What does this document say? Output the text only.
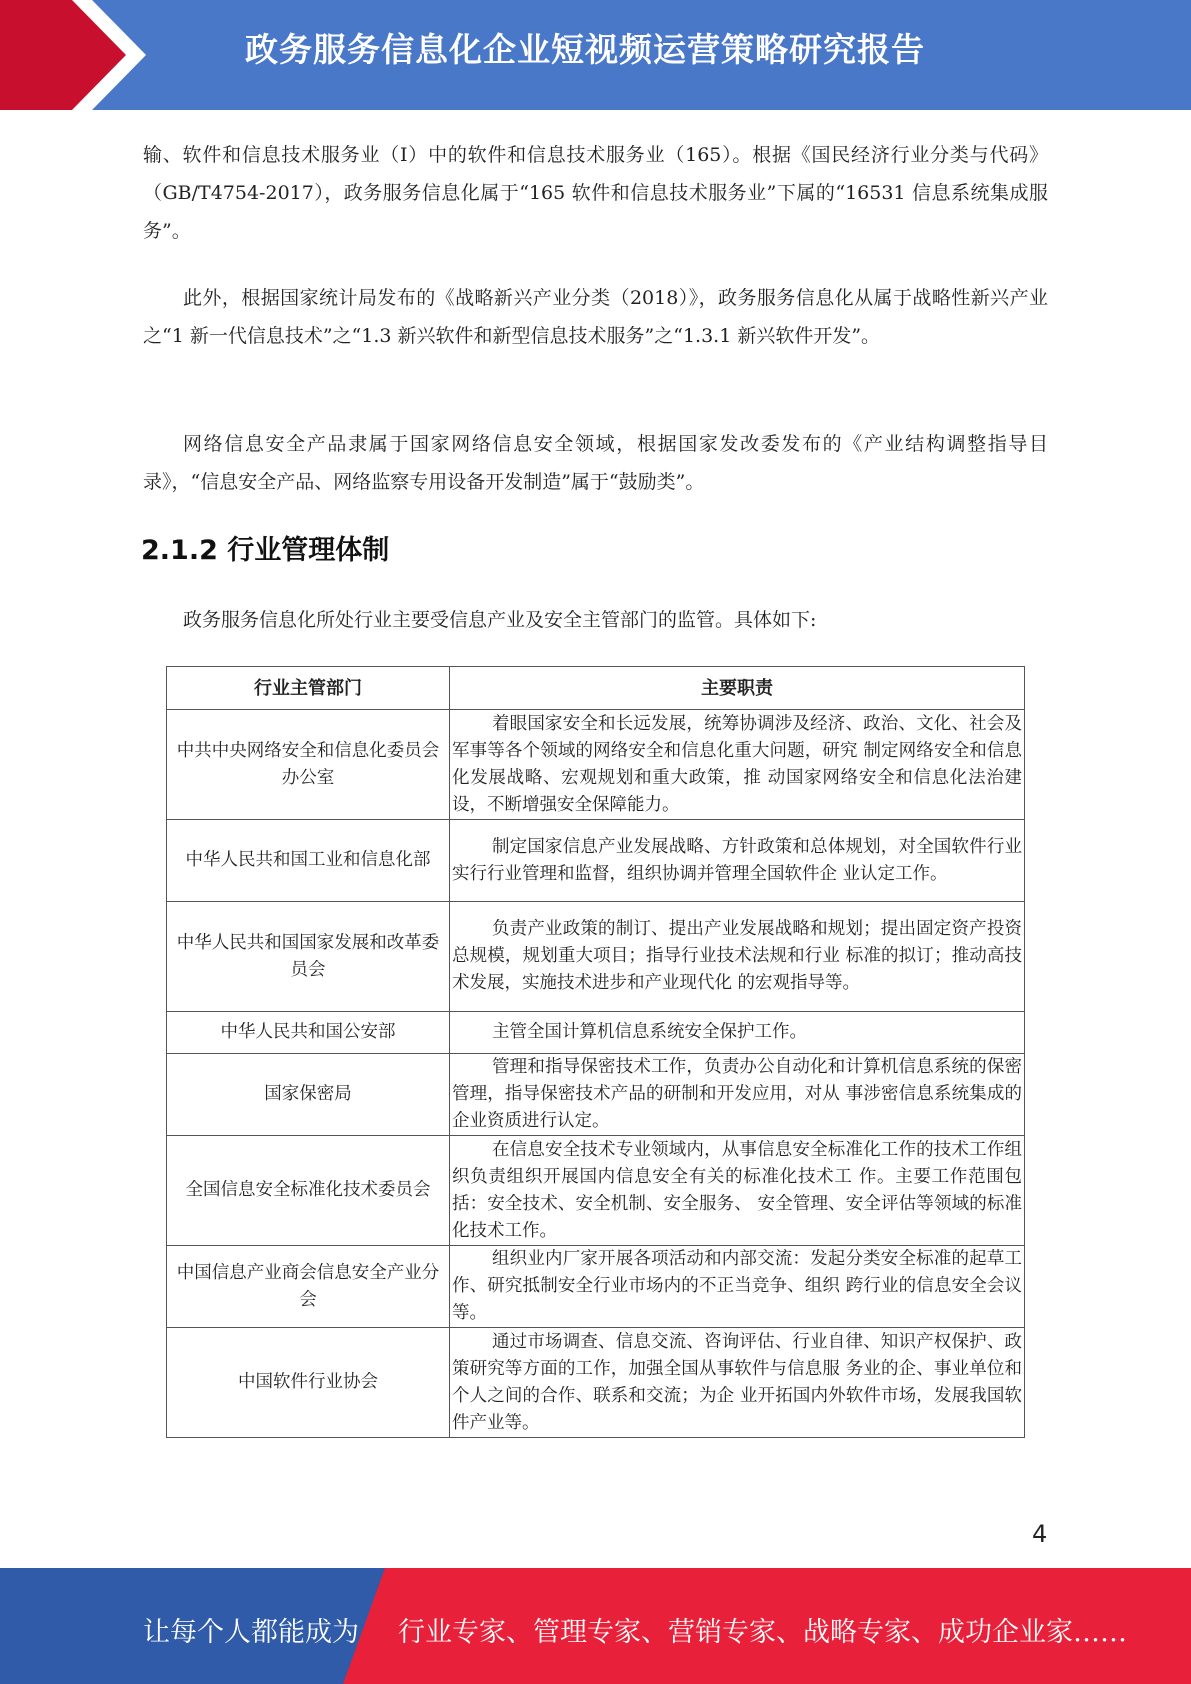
政务服务信息化企业短视频运营策略研究报告
输、软件和信息技术服务业（I）中的软件和信息技术服务业（165）。根据《国民经济行业分类与代码》（GB/T4754-2017），政务服务信息化属于“165 软件和信息技术服务业”下属的“16531 信息系统集成服务”。
此外，根据国家统计局发布的《战略新兴产业分类（2018）》，政务服务信息化从属于战略性新兴产业之“1 新一代信息技术”之“1.3 新兴软件和新型信息技术服务”之“1.3.1 新兴软件开发”。
网络信息安全产品隶属于国家网络信息安全领域，根据国家发改委发布的《产业结构调整指导目录》，“信息安全产品、网络监察专用设备开发制造”属于“鼓励类”。
2.1.2 行业管理体制
政务服务信息化所处行业主要受信息产业及安全主管部门的监管。具体如下:
行业主管部门	主要职责
中共中央网络安全和信息化委员会办公室	着眼国家安全和长远发展，统筹协调涉及经济、政治、文化、社会及军事等各个领域的网络安全和信息化重大问题，研究 制定网络安全和信息化发展战略、宏观规划和重大政策，推 动国家网络安全和信息化法治建设，不断增强安全保障能力。
中华人民共和国工业和信息化部	制定国家信息产业发展战略、方针政策和总体规划，对全国软件行业实行行业管理和监督，组织协调并管理全国软件企 业认定工作。
中华人民共和国国家发展和改革委员会	负责产业政策的制订、提出产业发展战略和规划；提出固定资产投资总规模，规划重大项目；指导行业技术法规和行业 标准的拟订；推动高技术发展，实施技术进步和产业现代化 的宏观指导等。
中华人民共和国公安部	主管全国计算机信息系统安全保护工作。
国家保密局	管理和指导保密技术工作，负责办公自动化和计算机信息系统的保密管理，指导保密技术产品的研制和开发应用，对从 事涉密信息系统集成的企业资质进行认定。
全国信息安全标准化技术委员会	在信息安全技术专业领域内，从事信息安全标准化工作的技术工作组织负责组织开展国内信息安全有关的标准化技术工 作。主要工作范围包括：安全技术、安全机制、安全服务、 安全管理、安全评估等领域的标准化技术工作。
中国信息产业商会信息安全产业分会	组织业内厂家开展各项活动和内部交流：发起分类安全标准的起草工作、研究抵制安全行业市场内的不正当竞争、组织 跨行业的信息安全会议等。
中国软件行业协会	通过市场调查、信息交流、咨询评估、行业自律、知识产权保护、政策研究等方面的工作，加强全国从事软件与信息服 务业的企、事业单位和个人之间的合作、联系和交流；为企 业开拓国内外软件市场，发展我国软件产业等。
4
让每个人都能成为 行业专家、管理专家、营销专家、战略专家、成功企业家……
